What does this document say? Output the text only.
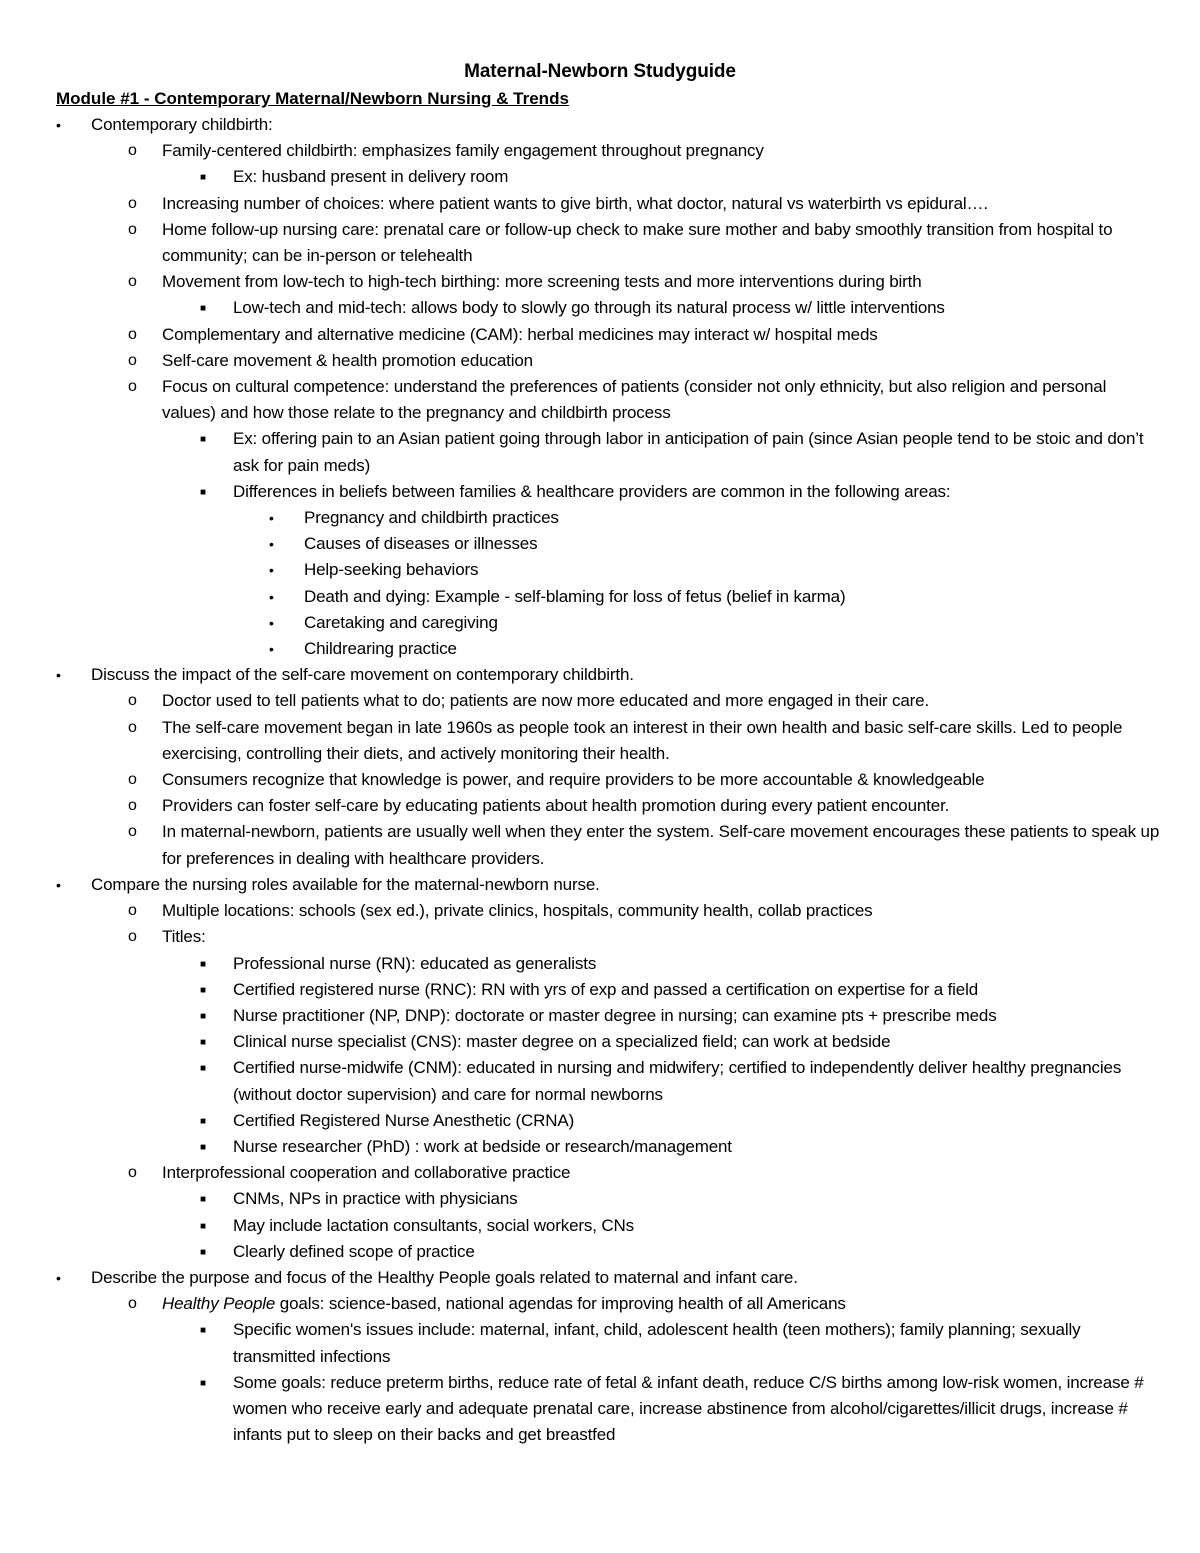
Maternal-Newborn Studyguide
Module #1 - Contemporary Maternal/Newborn Nursing & Trends
• Contemporary childbirth:
o Family-centered childbirth: emphasizes family engagement throughout pregnancy
■ Ex: husband present in delivery room
o Increasing number of choices: where patient wants to give birth, what doctor, natural vs waterbirth vs epidural….
o Home follow-up nursing care: prenatal care or follow-up check to make sure mother and baby smoothly transition from hospital to community; can be in-person or telehealth
o Movement from low-tech to high-tech birthing: more screening tests and more interventions during birth
■ Low-tech and mid-tech: allows body to slowly go through its natural process w/ little interventions
o Complementary and alternative medicine (CAM): herbal medicines may interact w/ hospital meds
o Self-care movement & health promotion education
o Focus on cultural competence: understand the preferences of patients (consider not only ethnicity, but also religion and personal values) and how those relate to the pregnancy and childbirth process
■ Ex: offering pain to an Asian patient going through labor in anticipation of pain (since Asian people tend to be stoic and don’t ask for pain meds)
■ Differences in beliefs between families & healthcare providers are common in the following areas:
• Pregnancy and childbirth practices
• Causes of diseases or illnesses
• Help-seeking behaviors
• Death and dying: Example - self-blaming for loss of fetus (belief in karma)
• Caretaking and caregiving
• Childrearing practice
• Discuss the impact of the self-care movement on contemporary childbirth.
o Doctor used to tell patients what to do; patients are now more educated and more engaged in their care.
o The self-care movement began in late 1960s as people took an interest in their own health and basic self-care skills. Led to people exercising, controlling their diets, and actively monitoring their health.
o Consumers recognize that knowledge is power, and require providers to be more accountable & knowledgeable
o Providers can foster self-care by educating patients about health promotion during every patient encounter.
o In maternal-newborn, patients are usually well when they enter the system. Self-care movement encourages these patients to speak up for preferences in dealing with healthcare providers.
• Compare the nursing roles available for the maternal-newborn nurse.
o Multiple locations: schools (sex ed.), private clinics, hospitals, community health, collab practices
o Titles:
■ Professional nurse (RN): educated as generalists
■ Certified registered nurse (RNC): RN with yrs of exp and passed a certification on expertise for a field
■ Nurse practitioner (NP, DNP): doctorate or master degree in nursing; can examine pts + prescribe meds
■ Clinical nurse specialist (CNS): master degree on a specialized field; can work at bedside
■ Certified nurse-midwife (CNM): educated in nursing and midwifery; certified to independently deliver healthy pregnancies (without doctor supervision) and care for normal newborns
■ Certified Registered Nurse Anesthetic (CRNA)
■ Nurse researcher (PhD) : work at bedside or research/management
o Interprofessional cooperation and collaborative practice
■ CNMs, NPs in practice with physicians
■ May include lactation consultants, social workers, CNs
■ Clearly defined scope of practice
• Describe the purpose and focus of the Healthy People goals related to maternal and infant care.
o Healthy People goals: science-based, national agendas for improving health of all Americans
■ Specific women's issues include: maternal, infant, child, adolescent health (teen mothers); family planning; sexually transmitted infections
■ Some goals: reduce preterm births, reduce rate of fetal & infant death, reduce C/S births among low-risk women, increase # women who receive early and adequate prenatal care, increase abstinence from alcohol/cigarettes/illicit drugs, increase # infants put to sleep on their backs and get breastfed
